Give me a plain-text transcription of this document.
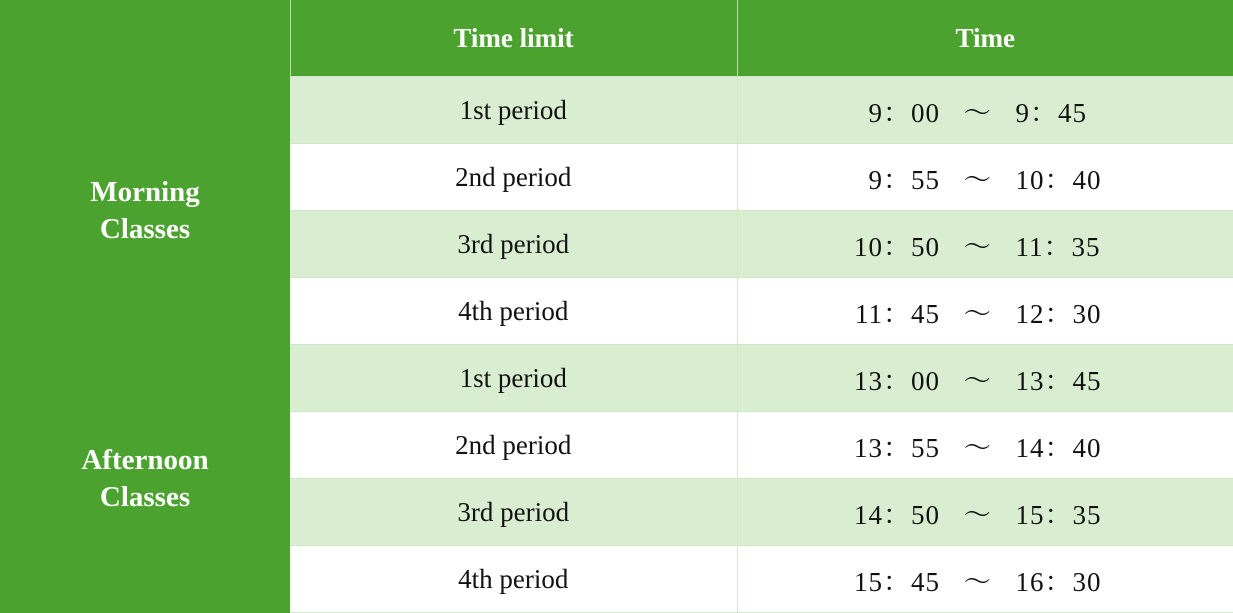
	Time limit	Time

Morning
Classes	1st period	9：00 ～ 9：45
	2nd period	9：55 ～ 10：40
	3rd period	10：50 ～ 11：35
	4th period	11：45 ～ 12：30

Afternoon
Classes	1st period	13：00 ～ 13：45
	2nd period	13：55 ～ 14：40
	3rd period	14：50 ～ 15：35
	4th period	15：45 ～ 16：30
